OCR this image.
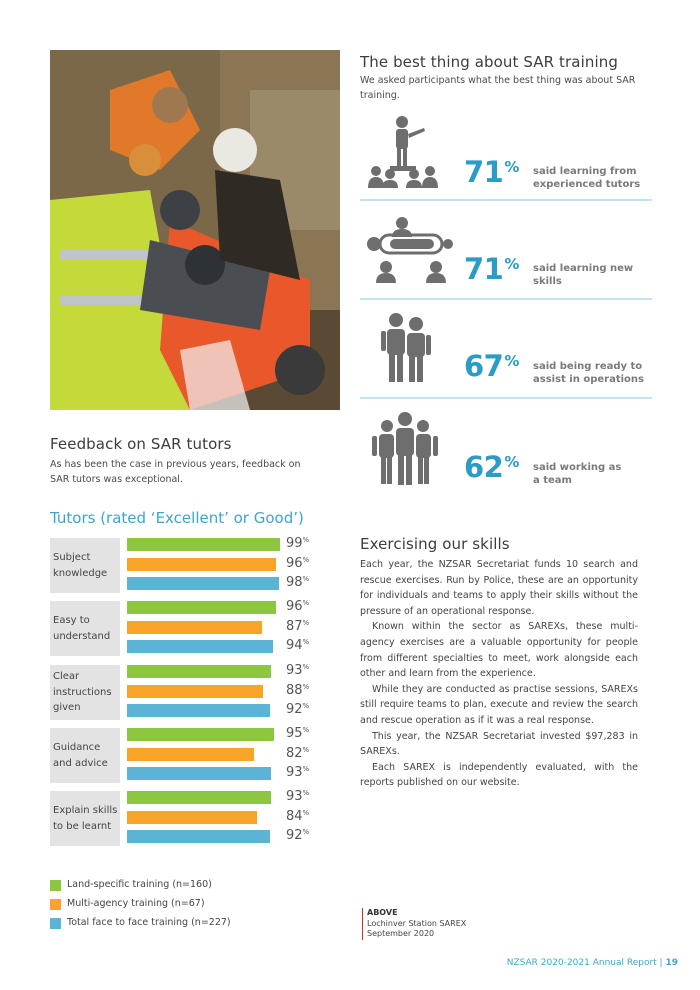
The best thing about SAR training
We asked participants what the best thing was about SAR training.
71% said learning from
experienced tutors
71% said learning new
skills
67% said being ready to
assist in operations
62% said working as
a team
Feedback on SAR tutors
As has been the case in previous years, feedback on
SAR tutors was exceptional.
Tutors (rated ‘Excellent’ or Good’)
Subject
knowledge
99%
96%
98%
Easy to
understand
96%
87%
94%
Clear
instructions
given
93%
88%
92%
Guidance
and advice
95%
82%
93%
Explain skills
to be learnt
93%
84%
92%
Land-specific training (n=160)
Multi-agency training (n=67)
Total face to face training (n=227)
Exercising our skills

Each year, the NZSAR Secretariat funds 10 search and rescue exercises. Run by Police, these are an opportunity for individuals and teams to apply their skills without the pressure of an operational response.

Known within the sector as SAREXs, these multi-agency exercises are a valuable opportunity for people from different specialties to meet, work alongside each other and learn from the experience.

While they are conducted as practise sessions, SAREXs still require teams to plan, execute and review the search and rescue operation as if it was a real response.

This year, the NZSAR Secretariat invested $97,283 in SAREXs.

Each SAREX is independently evaluated, with the reports published on our website.

ABOVE
Lochinver Station SAREX
September 2020
NZSAR 2020-2021 Annual Report | 19
